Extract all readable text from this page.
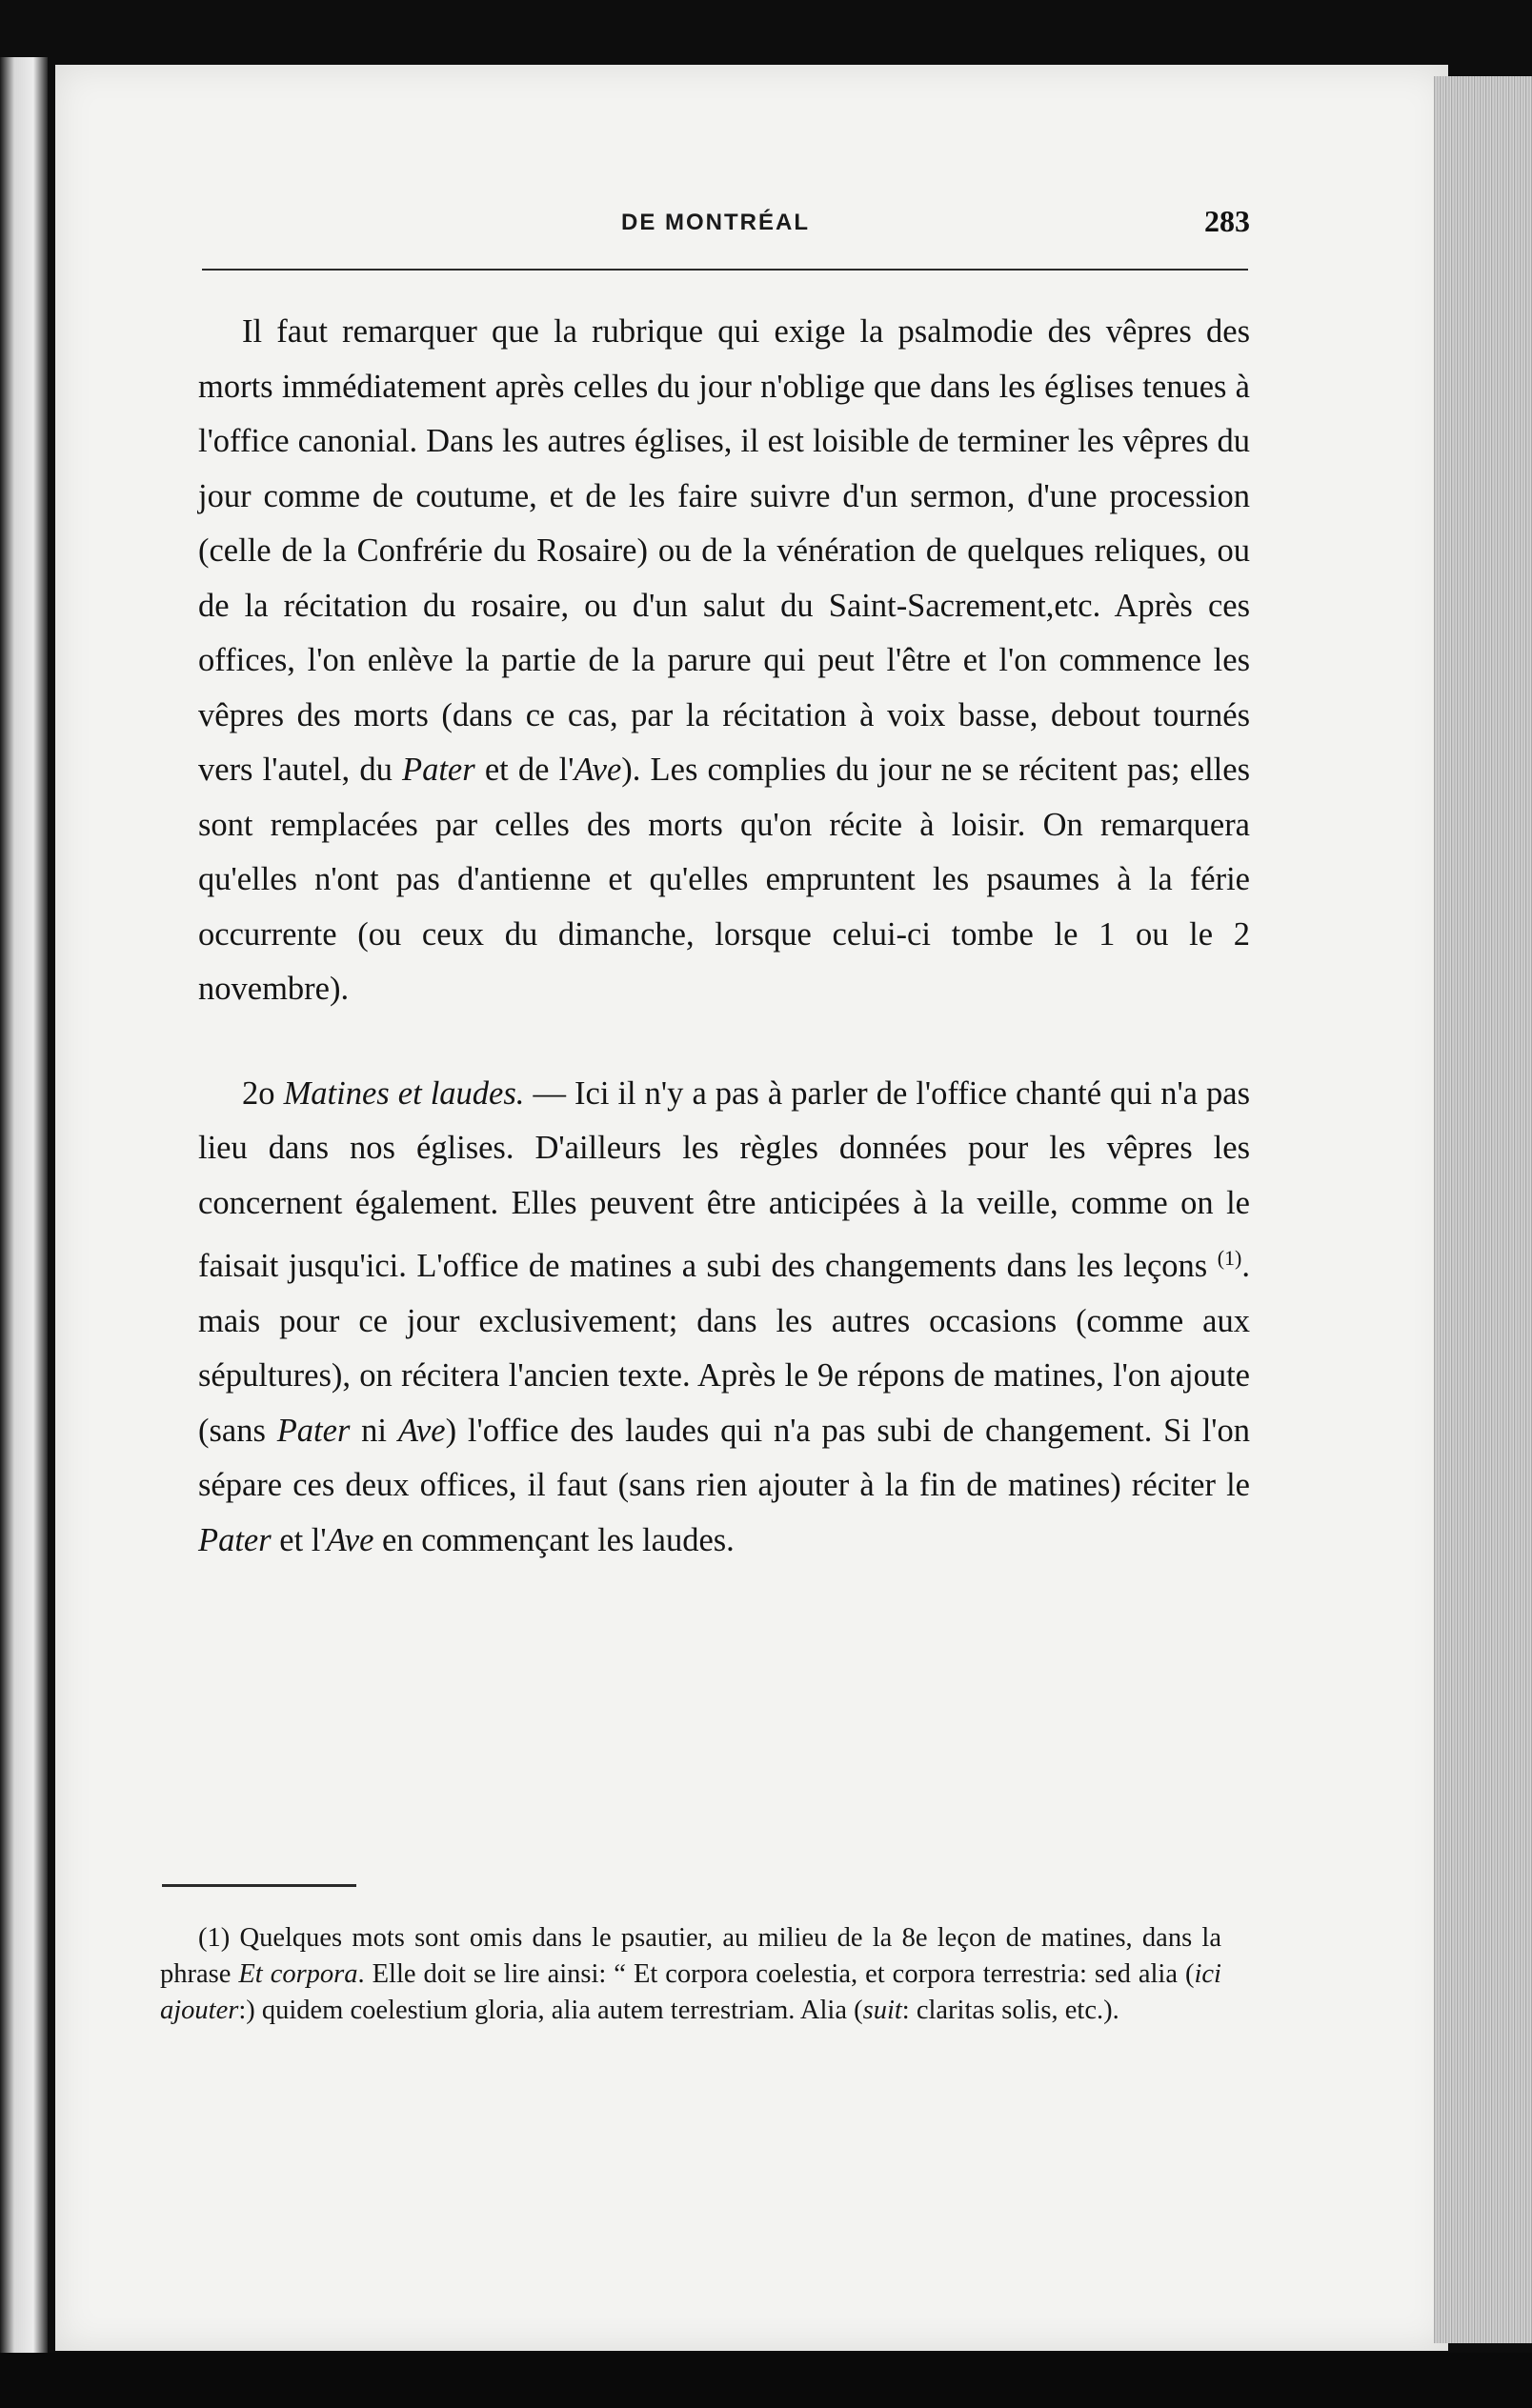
DE MONTRÉAL	283

Il faut remarquer que la rubrique qui exige la psalmodie des vêpres des morts immédiatement après celles du jour n'oblige que dans les églises tenues à l'office canonial. Dans les autres églises, il est loisible de terminer les vêpres du jour comme de coutume, et de les faire suivre d'un sermon, d'une procession (celle de la Confrérie du Rosaire) ou de la vénération de quelques reliques, ou de la récitation du rosaire, ou d'un salut du Saint-Sacrement,etc. Après ces offices, l'on enlève la partie de la parure qui peut l'être et l'on commence les vêpres des morts (dans ce cas, par la récitation à voix basse, debout tournés vers l'autel, du Pater et de l'Ave). Les complies du jour ne se récitent pas; elles sont remplacées par celles des morts qu'on récite à loisir. On remarquera qu'elles n'ont pas d'antienne et qu'elles empruntent les psaumes à la férie occurrente (ou ceux du dimanche, lorsque celui-ci tombe le 1 ou le 2 novembre).

2o Matines et laudes. — Ici il n'y a pas à parler de l'office chanté qui n'a pas lieu dans nos églises. D'ailleurs les règles données pour les vêpres les concernent également. Elles peuvent être anticipées à la veille, comme on le faisait jusqu'ici. L'office de matines a subi des changements dans les leçons $^{(1)}$. mais pour ce jour exclusivement; dans les autres occasions (comme aux sépultures), on récitera l'ancien texte. Après le 9e répons de matines, l'on ajoute (sans Pater ni Ave) l'office des laudes qui n'a pas subi de changement. Si l'on sépare ces deux offices, il faut (sans rien ajouter à la fin de matines) réciter le Pater et l'Ave en commençant les laudes.

(1) Quelques mots sont omis dans le psautier, au milieu de la 8e leçon de matines, dans la phrase Et corpora. Elle doit se lire ainsi: “ Et corpora coelestia, et corpora terrestria: sed alia (ici ajouter:) quidem coelestium gloria, alia autem terrestriam. Alia (suit: claritas solis, etc.).
